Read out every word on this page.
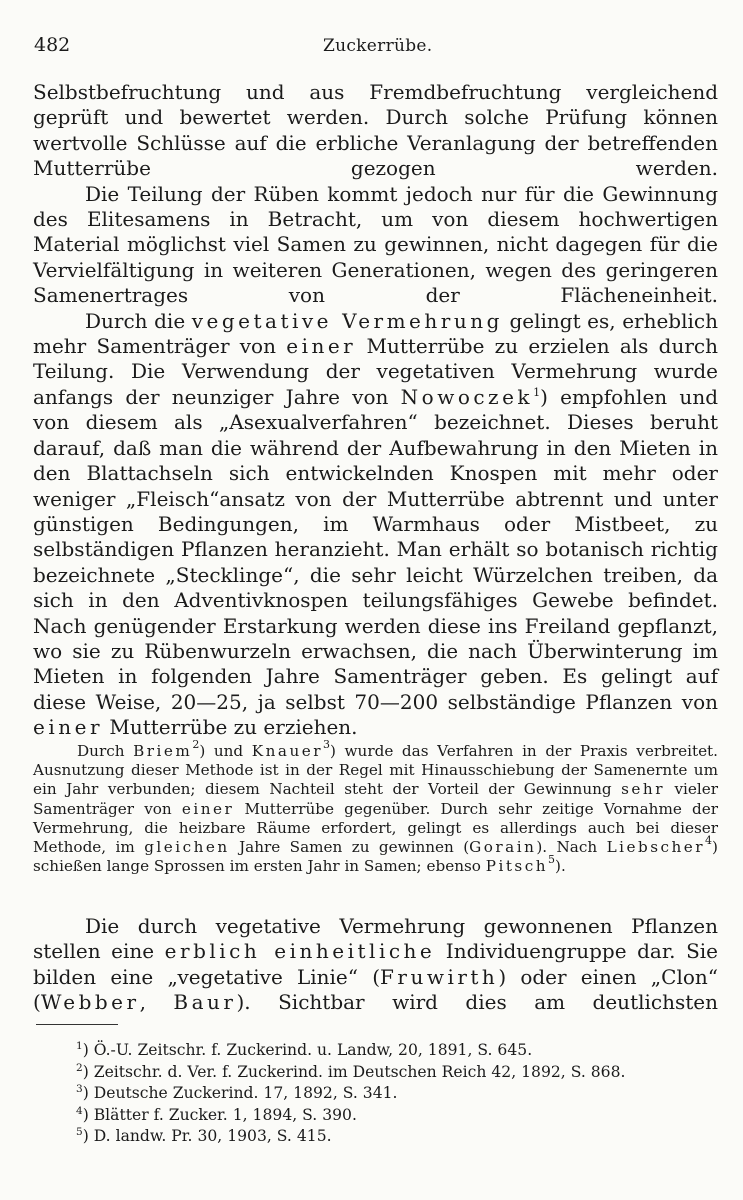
482	Zuckerrübe.

Selbstbefruchtung und aus Fremdbefruchtung vergleichend geprüft und bewertet werden. Durch solche Prüfung können wertvolle Schlüsse auf die erbliche Veranlagung der betreffenden Mutterrübe gezogen werden.

Die Teilung der Rüben kommt jedoch nur für die Gewinnung des Elitesamens in Betracht, um von diesem hochwertigen Material möglichst viel Samen zu gewinnen, nicht dagegen für die Vervielfältigung in weiteren Generationen, wegen des geringeren Samenertrages von der Flächeneinheit.

Durch die vegetative Vermehrung gelingt es, erheblich mehr Samenträger von einer Mutterrübe zu erzielen als durch Teilung. Die Verwendung der vegetativen Vermehrung wurde anfangs der neunziger Jahre von Nowoczek$^1$) empfohlen und von diesem als „Asexualverfahren“ bezeichnet. Dieses beruht darauf, daß man die während der Aufbewahrung in den Mieten in den Blattachseln sich entwickelnden Knospen mit mehr oder weniger „Fleisch“ansatz von der Mutterrübe abtrennt und unter günstigen Bedingungen, im Warmhaus oder Mistbeet, zu selbständigen Pflanzen heranzieht. Man erhält so botanisch richtig bezeichnete „Stecklinge“, die sehr leicht Würzelchen treiben, da sich in den Adventivknospen teilungsfähiges Gewebe befindet. Nach genügender Erstarkung werden diese ins Freiland gepflanzt, wo sie zu Rübenwurzeln erwachsen, die nach Überwinterung im Mieten in folgenden Jahre Samenträger geben. Es gelingt auf diese Weise, 20—25, ja selbst 70—200 selbständige Pflanzen von einer Mutterrübe zu erziehen.

Durch Briem$^2$) und Knauer$^3$) wurde das Verfahren in der Praxis verbreitet. Ausnutzung dieser Methode ist in der Regel mit Hinausschiebung der Samenernte um ein Jahr verbunden; diesem Nachteil steht der Vorteil der Gewinnung sehr vieler Samenträger von einer Mutterrübe gegenüber. Durch sehr zeitige Vornahme der Vermehrung, die heizbare Räume erfordert, gelingt es allerdings auch bei dieser Methode, im gleichen Jahre Samen zu gewinnen (Gorain). Nach Liebscher$^4$) schießen lange Sprossen im ersten Jahr in Samen; ebenso Pitsch$^5$).

Die durch vegetative Vermehrung gewonnenen Pflanzen stellen eine erblich einheitliche Individuengruppe dar. Sie bilden eine „vegetative Linie“ (Fruwirth) oder einen „Clon“ (Webber, Baur). Sichtbar wird dies am deutlichsten

$^1$) Ö.-U. Zeitschr. f. Zuckerind. u. Landw, 20, 1891, S. 645.
$^2$) Zeitschr. d. Ver. f. Zuckerind. im Deutschen Reich 42, 1892, S. 868.
$^3$) Deutsche Zuckerind. 17, 1892, S. 341.
$^4$) Blätter f. Zucker. 1, 1894, S. 390.
$^5$) D. landw. Pr. 30, 1903, S. 415.
